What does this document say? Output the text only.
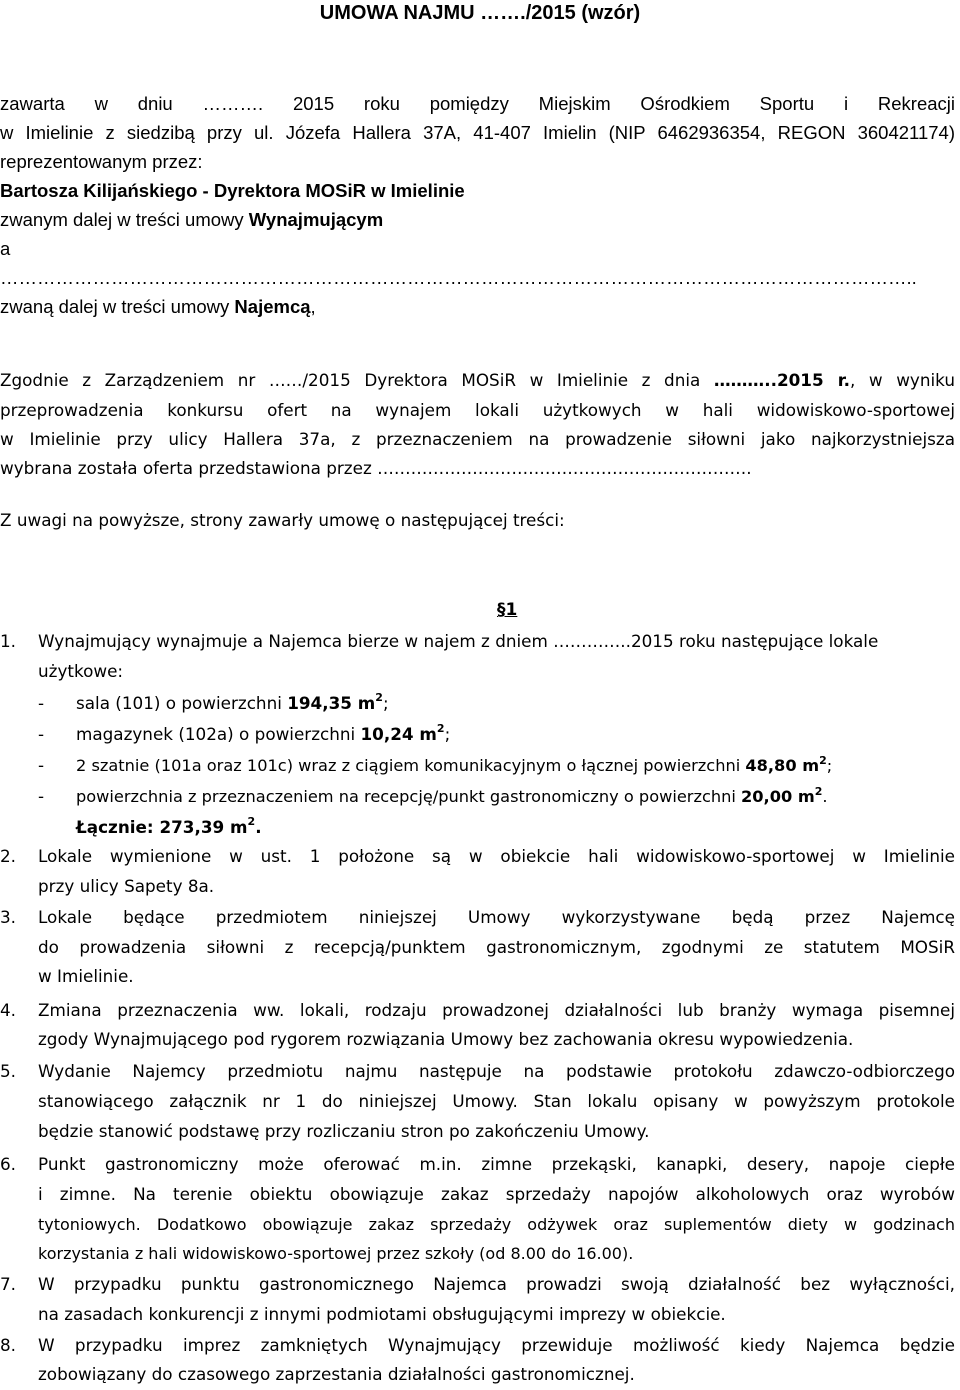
UMOWA NAJMU ……./2015 (wzór)
zawarta w dniu ………. 2015 roku pomiędzy Miejskim Ośrodkiem Sportu i Rekreacji
w Imielinie z siedzibą przy ul. Józefa Hallera 37A, 41-407 Imielin (NIP 6462936354, REGON 360421174)
reprezentowanym przez:
Bartosza Kilijańskiego - Dyrektora MOSiR w Imielinie
zwanym dalej w treści umowy Wynajmującym
a
…………………………………………………………………………………………………………………………………..
zwaną dalej w treści umowy Najemcą,
Zgodnie z Zarządzeniem nr ……/2015 Dyrektora MOSiR w Imielinie z dnia ………..2015 r., w wyniku
przeprowadzenia konkursu ofert na wynajem lokali użytkowych w hali widowiskowo-sportowej
w Imielinie przy ulicy Hallera 37a, z przeznaczeniem na prowadzenie siłowni jako najkorzystniejsza
wybrana została oferta przedstawiona przez ………………………………………………………….
Z uwagi na powyższe, strony zawarły umowę o następującej treści:
§1
1.	Wynajmujący wynajmuje a Najemca bierze w najem z dniem …………..2015 roku następujące lokale
użytkowe:
- sala (101) o powierzchni 194,35 $m^2$;
- magazynek (102a) o powierzchni 10,24 $m^2$;
- 2 szatnie (101a oraz 101c) wraz z ciągiem komunikacyjnym o łącznej powierzchni 48,80 $m^2$;
- powierzchnia z przeznaczeniem na recepcję/punkt gastronomiczny o powierzchni 20,00 $m^2$.
Łącznie: 273,39 $m^2$.
2.	Lokale wymienione w ust. 1 położone są w obiekcie hali widowiskowo-sportowej w Imielinie
przy ulicy Sapety 8a.
3.	Lokale będące przedmiotem niniejszej Umowy wykorzystywane będą przez Najemcę
do prowadzenia siłowni z recepcją/punktem gastronomicznym, zgodnymi ze statutem MOSiR
w Imielinie.
4.	Zmiana przeznaczenia ww. lokali, rodzaju prowadzonej działalności lub branży wymaga pisemnej
zgody Wynajmującego pod rygorem rozwiązania Umowy bez zachowania okresu wypowiedzenia.
5.	Wydanie Najemcy przedmiotu najmu następuje na podstawie protokołu zdawczo-odbiorczego
stanowiącego załącznik nr 1 do niniejszej Umowy. Stan lokalu opisany w powyższym protokole
będzie stanowić podstawę przy rozliczaniu stron po zakończeniu Umowy.
6.	Punkt gastronomiczny może oferować m.in. zimne przekąski, kanapki, desery, napoje ciepłe
i zimne. Na terenie obiektu obowiązuje zakaz sprzedaży napojów alkoholowych oraz wyrobów
tytoniowych. Dodatkowo obowiązuje zakaz sprzedaży odżywek oraz suplementów diety w godzinach
korzystania z hali widowiskowo-sportowej przez szkoły (od 8.00 do 16.00).
7.	W przypadku punktu gastronomicznego Najemca prowadzi swoją działalność bez wyłączności,
na zasadach konkurencji z innymi podmiotami obsługującymi imprezy w obiekcie.
8.	W przypadku imprez zamkniętych Wynajmujący przewiduje możliwość kiedy Najemca będzie
zobowiązany do czasowego zaprzestania działalności gastronomicznej.
